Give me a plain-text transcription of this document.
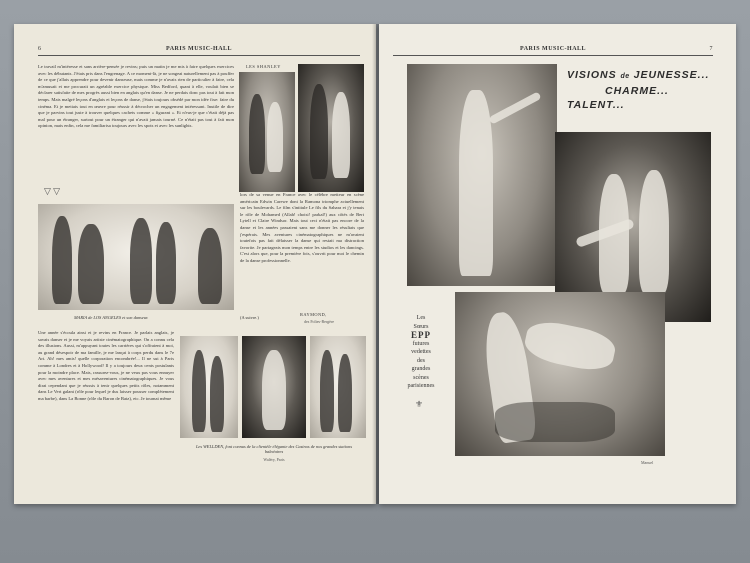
6	PARIS MUSIC-HALL
Le travail m'intéresse et sans arrière-pensée je revins; puis un matin je me mis à faire quelques exercices avec les débutants. J'étais pris dans l'engrenage. A ce moment-là, je ne songeai naturellement pas à pouffer de ce que j'allais apprendre pour devenir danseuse, mais comme je n'avais rien de particulier à faire, cela m'amusait et me procurait un agréable exercice physique. Miss Bedford, quant à elle, voulait bien se déclarer satisfaite de mes progrès aussi bien en anglais qu'en danse. Je ne perdais donc pas tout à fait mon temps. Mais malgré leçons d'anglais et leçons de danse, j'étais toujours obsédé par mon idée fixe: faire du cinéma. Et je mettais tout en œuvre pour réussir à décrocher un engagement intéressant. Inutile de dire que je parvins tout juste à trouver quelques cachets comme « figurant ». Et n'eus-je que c'était déjà pas mal pour un étranger, surtout pour un étranger qui n'avait jamais tourné. Ce n'était pas tout à fait mon opinion, mais enfin, cela me familiarisa toujours avec les spots et avec les sunlights.
LES SHANLEY
▽ ▽	lors de sa venue en France avec le célèbre metteur en scène américain Edwin Carewe dont la Ramona triomphe actuellement sur les boulevards. Le film s'intitule Le fils du Sahara et j'y tenais le rôle de Mohamed (Allah! choisi! parkal!) aux côtés de Bert Lytell et Claire Windsor. Mais tout ceci n'était pas encore de la danse et les années passaient sans me donner les résultats que j'espérais. Mes aventures cinématographiques ne m'avaient toutefois pas fait délaisser la danse qui restait ma distraction favorite. Je partageais mon temps entre les studios et les dancings. C'est alors que, pour la première fois, s'ouvrit pour moi le chemin de la danse professionnelle.
MARIA de LOS ANGELES et son danseur.	(A suivre.)
RAYMOND,
des Folies-Bergère
Une année s'écoula ainsi et je revins en France. Je parlais anglais, je savais danser et je me voyais artiste cinématographique. On a connu cela des illusions. Aussi, m'appuyant toutes les carrières qui s'offraient à moi, au grand désespoir de ma famille, je me lançai à corps perdu dans le 7e Art. Ah! mes amis! quelle corporation encombrée!... Il ne sut à Paris comme à Londres et à Hollywood! Il y a toujours deux cents postulants pour la moindre place. Mais, rassurez-vous, je ne veux pas vous ennuyer avec mes aventures et mes mésaventures cinématographiques. Je vous dirai cependant que je réussis à tenir quelques petits rôles, notamment dans Le Vert galant (rôle pour lequel je dus laisser pousser complètement ma barbe), dans La Bonne (rôle du Baron de Batz), etc. Je tournai même
Les WELLDEN, font connus de la clientèle élégante des Casinos de nos grandes stations balnéaires
Waléry, Paris
PARIS MUSIC-HALL	7
VISIONS de JEUNESSE...
CHARME...
TALENT...
Les
Sœurs
EPP
futures
vedettes
des
grandes
scènes
parisiennes
⚜
Manuel
